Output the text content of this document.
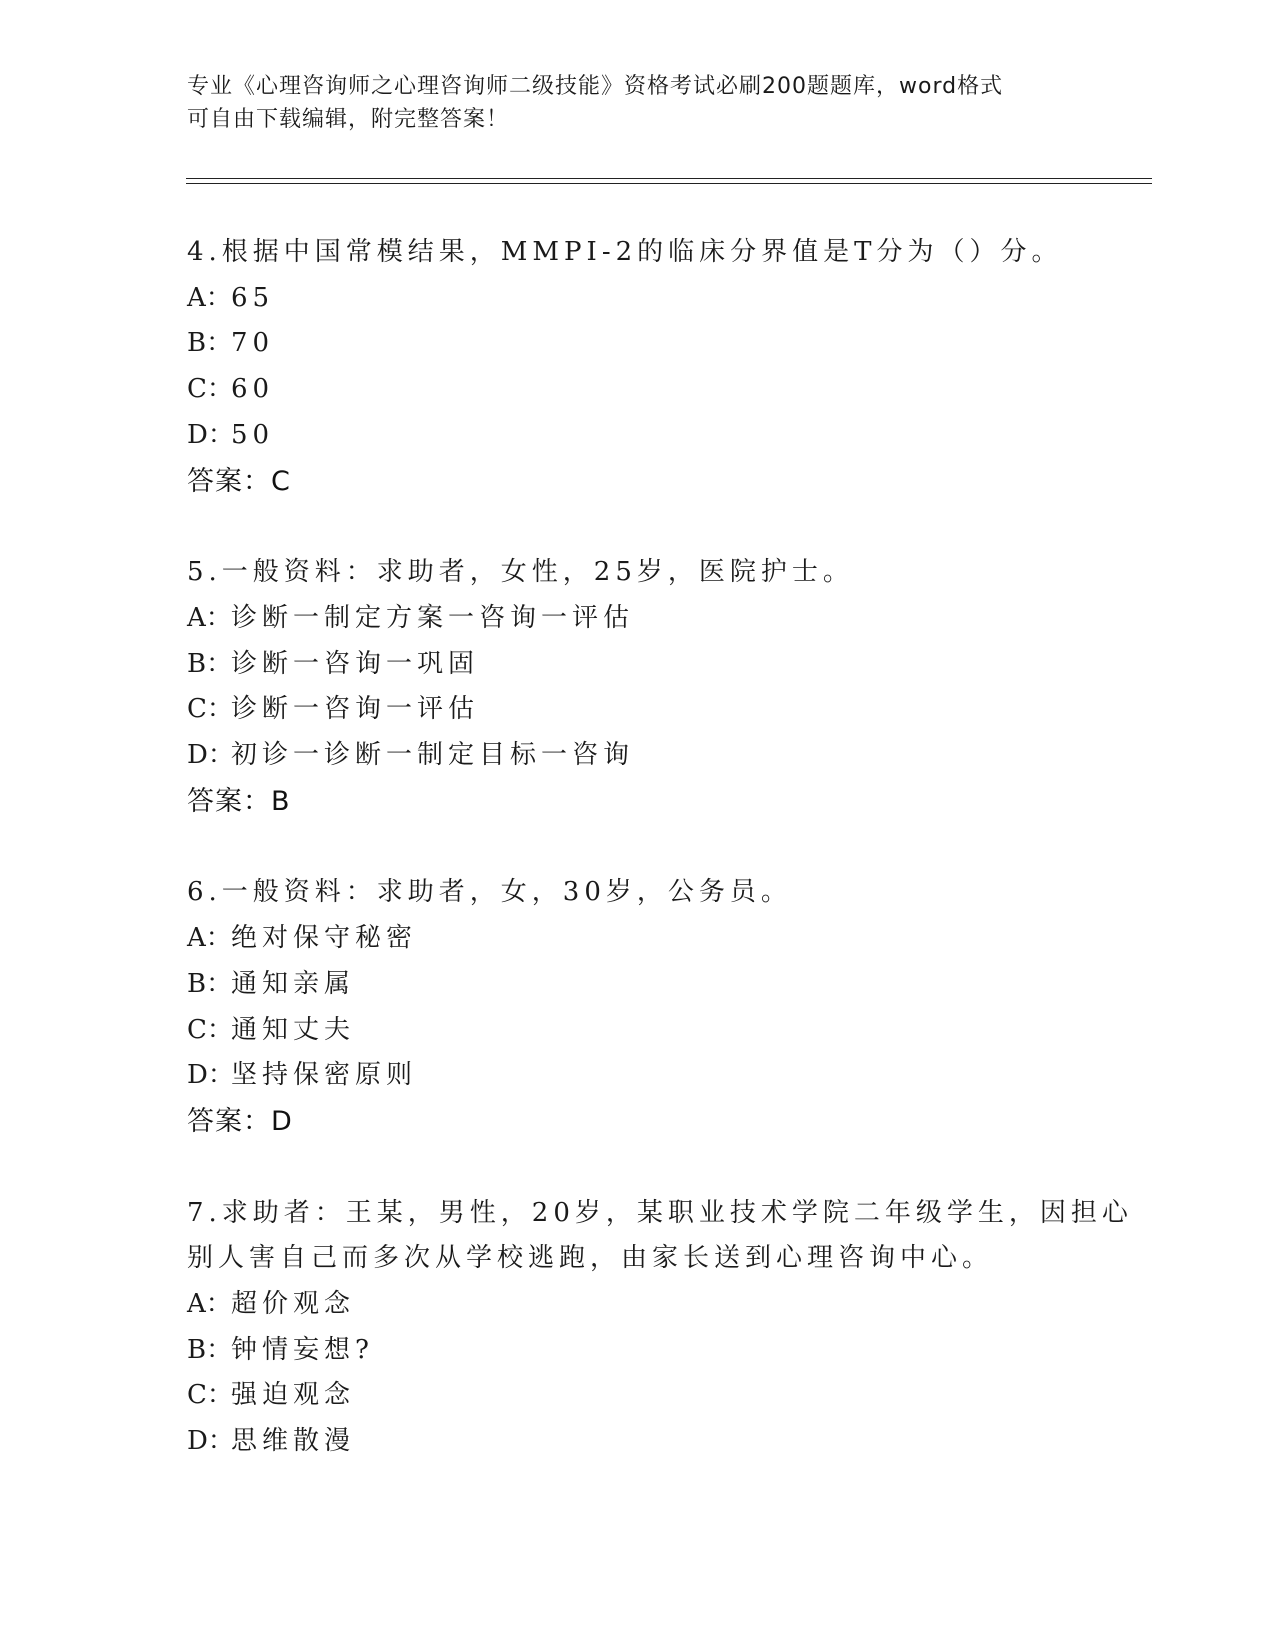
专业《心理咨询师之心理咨询师二级技能》资格考试必刷200题题库，word格式
可自由下载编辑，附完整答案！
4.根据中国常模结果，MMPI-2的临床分界值是T分为（）分。
A：65
B：70
C：60
D：50
答案：C
5.一般资料：求助者，女性，25岁，医院护士。
A：诊断一制定方案一咨询一评估
B：诊断一咨询一巩固
C：诊断一咨询一评估
D：初诊一诊断一制定目标一咨询
答案：B
6.一般资料：求助者，女，30岁，公务员。
A：绝对保守秘密
B：通知亲属
C：通知丈夫
D：坚持保密原则
答案：D
7.求助者：王某，男性，20岁，某职业技术学院二年级学生，因担心
别人害自己而多次从学校逃跑，由家长送到心理咨询中心。
A：超价观念
B：钟情妄想?
C：强迫观念
D：思维散漫
